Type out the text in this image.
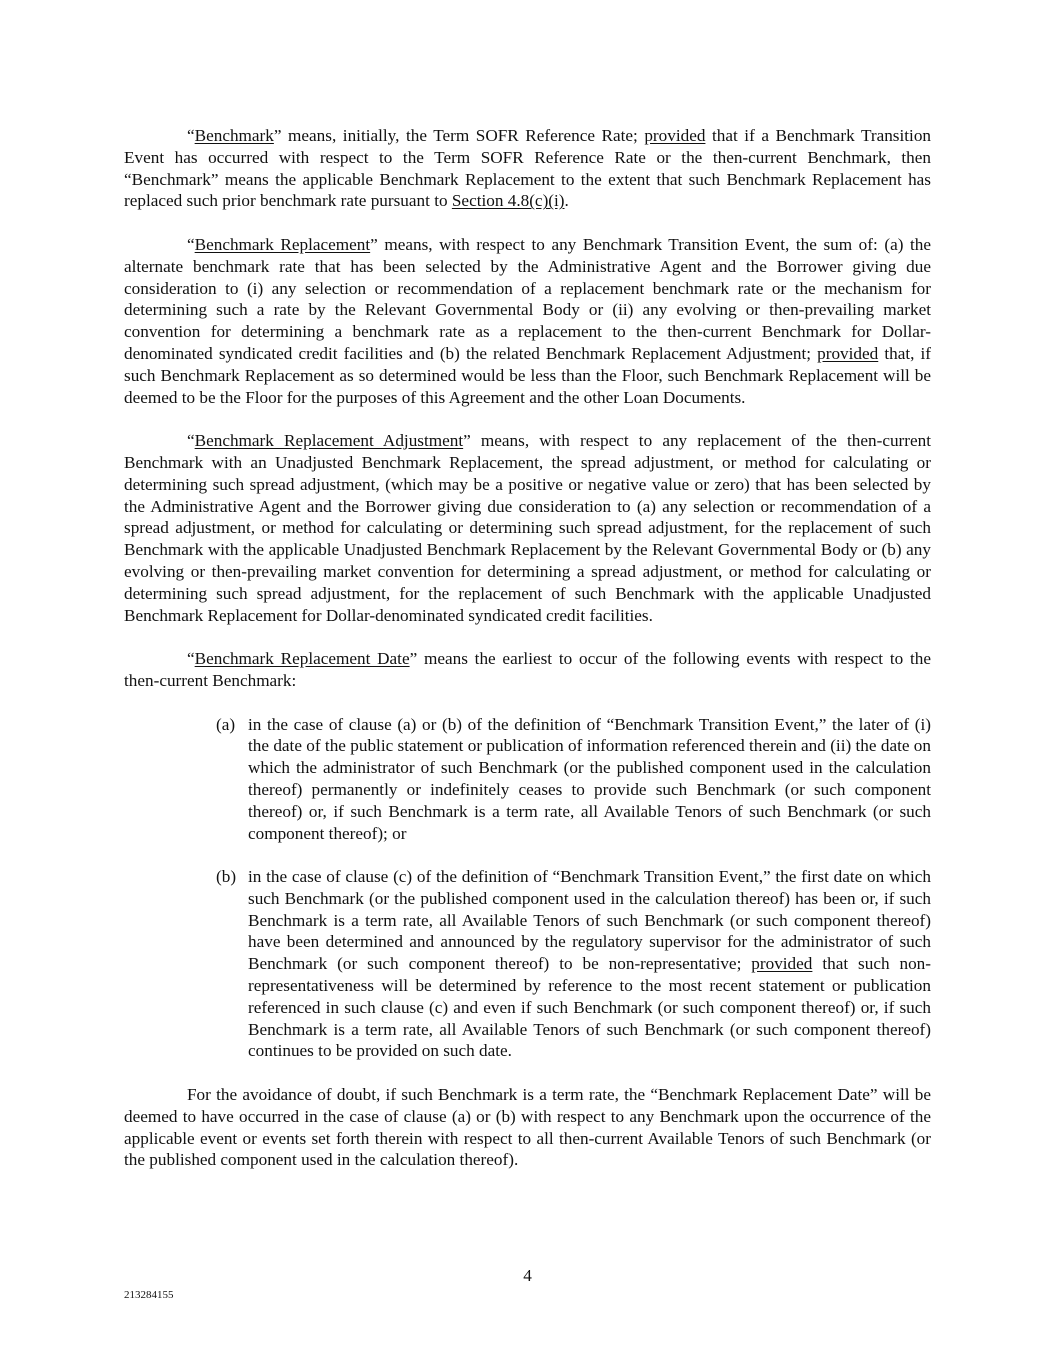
“Benchmark” means, initially, the Term SOFR Reference Rate; provided that if a Benchmark Transition Event has occurred with respect to the Term SOFR Reference Rate or the then-current Benchmark, then “Benchmark” means the applicable Benchmark Replacement to the extent that such Benchmark Replacement has replaced such prior benchmark rate pursuant to Section 4.8(c)(i).

“Benchmark Replacement” means, with respect to any Benchmark Transition Event, the sum of: (a) the alternate benchmark rate that has been selected by the Administrative Agent and the Borrower giving due consideration to (i) any selection or recommendation of a replacement benchmark rate or the mechanism for determining such a rate by the Relevant Governmental Body or (ii) any evolving or then-prevailing market convention for determining a benchmark rate as a replacement to the then-current Benchmark for Dollar-denominated syndicated credit facilities and (b) the related Benchmark Replacement Adjustment; provided that, if such Benchmark Replacement as so determined would be less than the Floor, such Benchmark Replacement will be deemed to be the Floor for the purposes of this Agreement and the other Loan Documents.

“Benchmark Replacement Adjustment” means, with respect to any replacement of the then-current Benchmark with an Unadjusted Benchmark Replacement, the spread adjustment, or method for calculating or determining such spread adjustment, (which may be a positive or negative value or zero) that has been selected by the Administrative Agent and the Borrower giving due consideration to (a) any selection or recommendation of a spread adjustment, or method for calculating or determining such spread adjustment, for the replacement of such Benchmark with the applicable Unadjusted Benchmark Replacement by the Relevant Governmental Body or (b) any evolving or then-prevailing market convention for determining a spread adjustment, or method for calculating or determining such spread adjustment, for the replacement of such Benchmark with the applicable Unadjusted Benchmark Replacement for Dollar-denominated syndicated credit facilities.

“Benchmark Replacement Date” means the earliest to occur of the following events with respect to the then-current Benchmark:

(a) in the case of clause (a) or (b) of the definition of “Benchmark Transition Event,” the later of (i) the date of the public statement or publication of information referenced therein and (ii) the date on which the administrator of such Benchmark (or the published component used in the calculation thereof) permanently or indefinitely ceases to provide such Benchmark (or such component thereof) or, if such Benchmark is a term rate, all Available Tenors of such Benchmark (or such component thereof); or
(b) in the case of clause (c) of the definition of “Benchmark Transition Event,” the first date on which such Benchmark (or the published component used in the calculation thereof) has been or, if such Benchmark is a term rate, all Available Tenors of such Benchmark (or such component thereof) have been determined and announced by the regulatory supervisor for the administrator of such Benchmark (or such component thereof) to be non-representative; provided that such non-representativeness will be determined by reference to the most recent statement or publication referenced in such clause (c) and even if such Benchmark (or such component thereof) or, if such Benchmark is a term rate, all Available Tenors of such Benchmark (or such component thereof) continues to be provided on such date.

For the avoidance of doubt, if such Benchmark is a term rate, the “Benchmark Replacement Date” will be deemed to have occurred in the case of clause (a) or (b) with respect to any Benchmark upon the occurrence of the applicable event or events set forth therein with respect to all then-current Available Tenors of such Benchmark (or the published component used in the calculation thereof).

4
213284155
